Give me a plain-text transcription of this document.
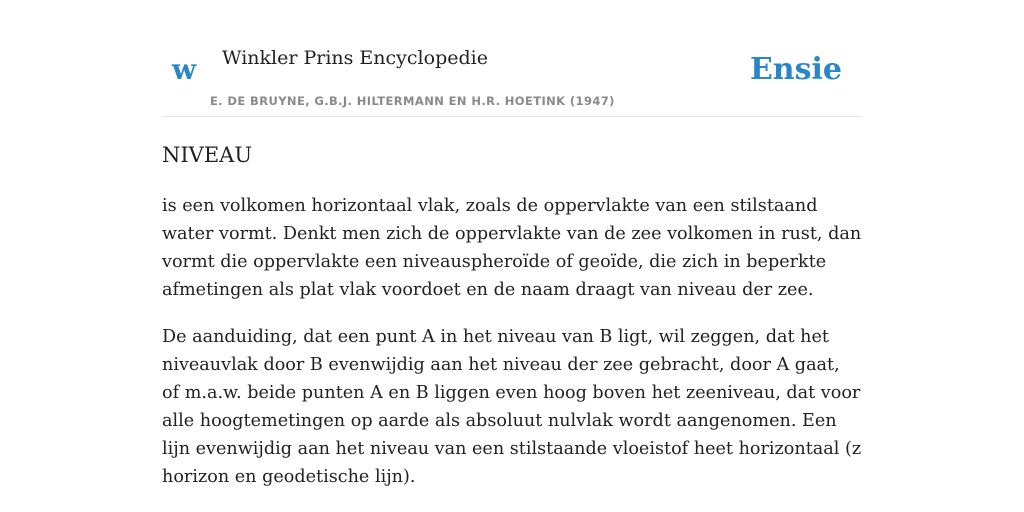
w Winkler Prins Encyclopedie
E. DE BRUYNE, G.B.J. HILTERMANN EN H.R. HOETINK (1947)
Ensie
NIVEAU

is een volkomen horizontaal vlak, zoals de oppervlakte van een stilstaand water vormt. Denkt men zich de oppervlakte van de zee volkomen in rust, dan vormt die oppervlakte een niveauspheroïde of geoïde, die zich in beperkte afmetingen als plat vlak voordoet en de naam draagt van niveau der zee.

De aanduiding, dat een punt A in het niveau van B ligt, wil zeggen, dat het niveauvlak door B evenwijdig aan het niveau der zee gebracht, door A gaat, of m.a.w. beide punten A en B liggen even hoog boven het zeeniveau, dat voor alle hoogtemetingen op aarde als absoluut nulvlak wordt aangenomen. Een lijn evenwijdig aan het niveau van een stilstaande vloeistof heet horizontaal (z horizon en geodetische lijn).
